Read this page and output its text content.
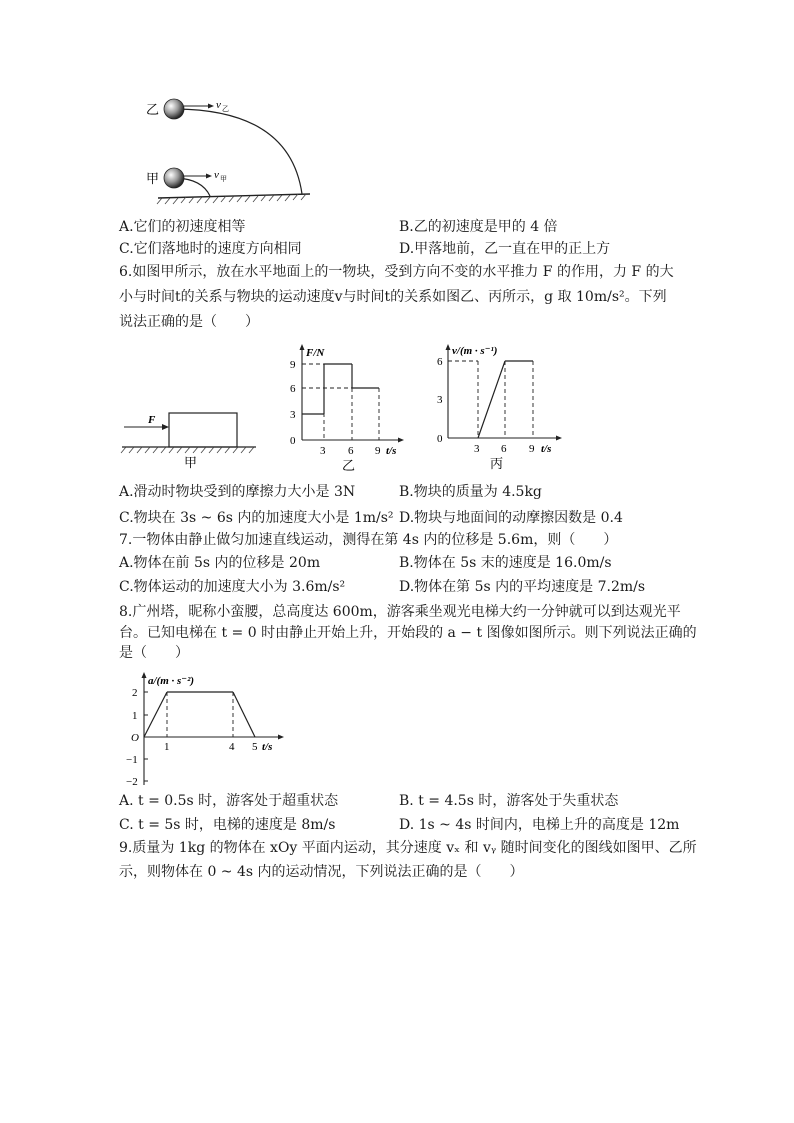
乙
甲
v 乙
v 甲
A.它们的初速度相等	B.乙的初速度是甲的 4 倍
C.它们落地时的速度方向相同	D.甲落地前，乙一直在甲的正上方
6.如图甲所示，放在水平地面上的一物块，受到方向不变的水平推力 F 的作用，力 F 的大
小与时间t的关系与物块的运动速度v与时间t的关系如图乙、丙所示，g 取 10m/s²。下列
说法正确的是（　　）
F
甲
F/N
9
6
3
0
3 6 9 t/s
乙
v/(m · s⁻¹)
6
3
0
3 6 9 t/s
丙
A.滑动时物块受到的摩擦力大小是 3N	B.物块的质量为 4.5kg
C.物块在 3s ~ 6s 内的加速度大小是 1m/s² D.物块与地面间的动摩擦因数是 0.4
7.一物体由静止做匀加速直线运动，测得在第 4s 内的位移是 5.6m，则（　　）
A.物体在前 5s 内的位移是 20m	B.物体在 5s 末的速度是 16.0m/s
C.物体运动的加速度大小为 3.6m/s²	D.物体在第 5s 内的平均速度是 7.2m/s
8.广州塔，昵称小蛮腰，总高度达 600m，游客乘坐观光电梯大约一分钟就可以到达观光平
台。已知电梯在 t = 0 时由静止开始上升，开始段的 a − t 图像如图所示。则下列说法正确的
是（　　）
a/(m · s⁻²)
2
1
O
−1
−2
1	4 5 t/s
A. t = 0.5s 时，游客处于超重状态	B. t = 4.5s 时，游客处于失重状态
C. t = 5s 时，电梯的速度是 8m/s	D. 1s ~ 4s 时间内，电梯上升的高度是 12m
9.质量为 1kg 的物体在 xOy 平面内运动，其分速度 vₓ 和 vᵧ 随时间变化的图线如图甲、乙所
示，则物体在 0 ~ 4s 内的运动情况，下列说法正确的是（　　）
